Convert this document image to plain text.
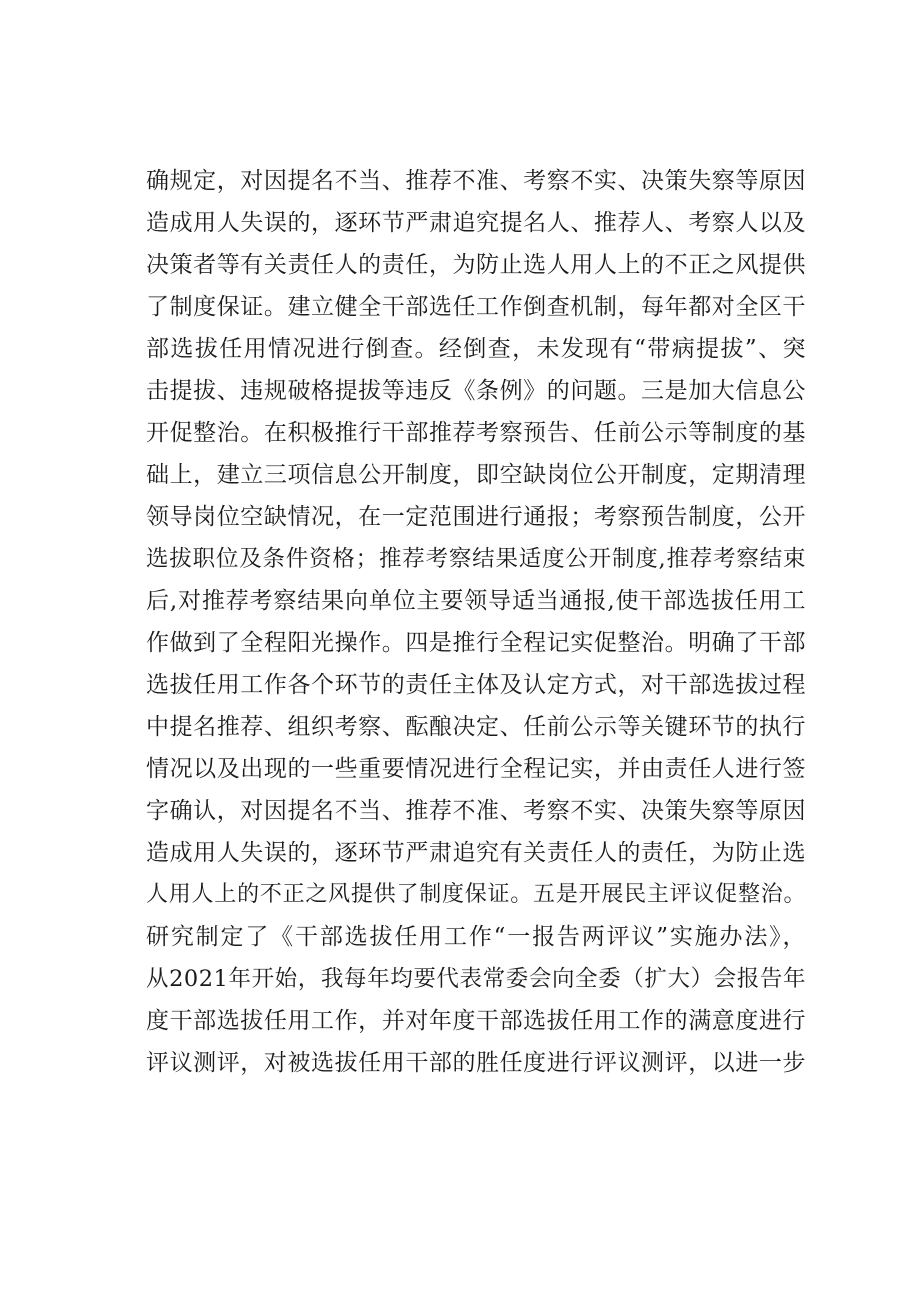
确规定，对因提名不当、推荐不准、考察不实、决策失察等原因
造成用人失误的，逐环节严肃追究提名人、推荐人、考察人以及
决策者等有关责任人的责任，为防止选人用人上的不正之风提供
了制度保证。建立健全干部选任工作倒查机制，每年都对全区干
部选拔任用情况进行倒查。经倒查，未发现有“带病提拔”、突
击提拔、违规破格提拔等违反《条例》的问题。三是加大信息公
开促整治。在积极推行干部推荐考察预告、任前公示等制度的基
础上，建立三项信息公开制度，即空缺岗位公开制度，定期清理
领导岗位空缺情况，在一定范围进行通报；考察预告制度，公开
选拔职位及条件资格；推荐考察结果适度公开制度,推荐考察结束
后,对推荐考察结果向单位主要领导适当通报,使干部选拔任用工
作做到了全程阳光操作。四是推行全程记实促整治。明确了干部
选拔任用工作各个环节的责任主体及认定方式，对干部选拔过程
中提名推荐、组织考察、酝酿决定、任前公示等关键环节的执行
情况以及出现的一些重要情况进行全程记实，并由责任人进行签
字确认，对因提名不当、推荐不准、考察不实、决策失察等原因
造成用人失误的，逐环节严肃追究有关责任人的责任，为防止选
人用人上的不正之风提供了制度保证。五是开展民主评议促整治。
研究制定了《干部选拔任用工作“一报告两评议”实施办法》，
从2021年开始，我每年均要代表常委会向全委（扩大）会报告年
度干部选拔任用工作，并对年度干部选拔任用工作的满意度进行
评议测评，对被选拔任用干部的胜任度进行评议测评，以进一步
